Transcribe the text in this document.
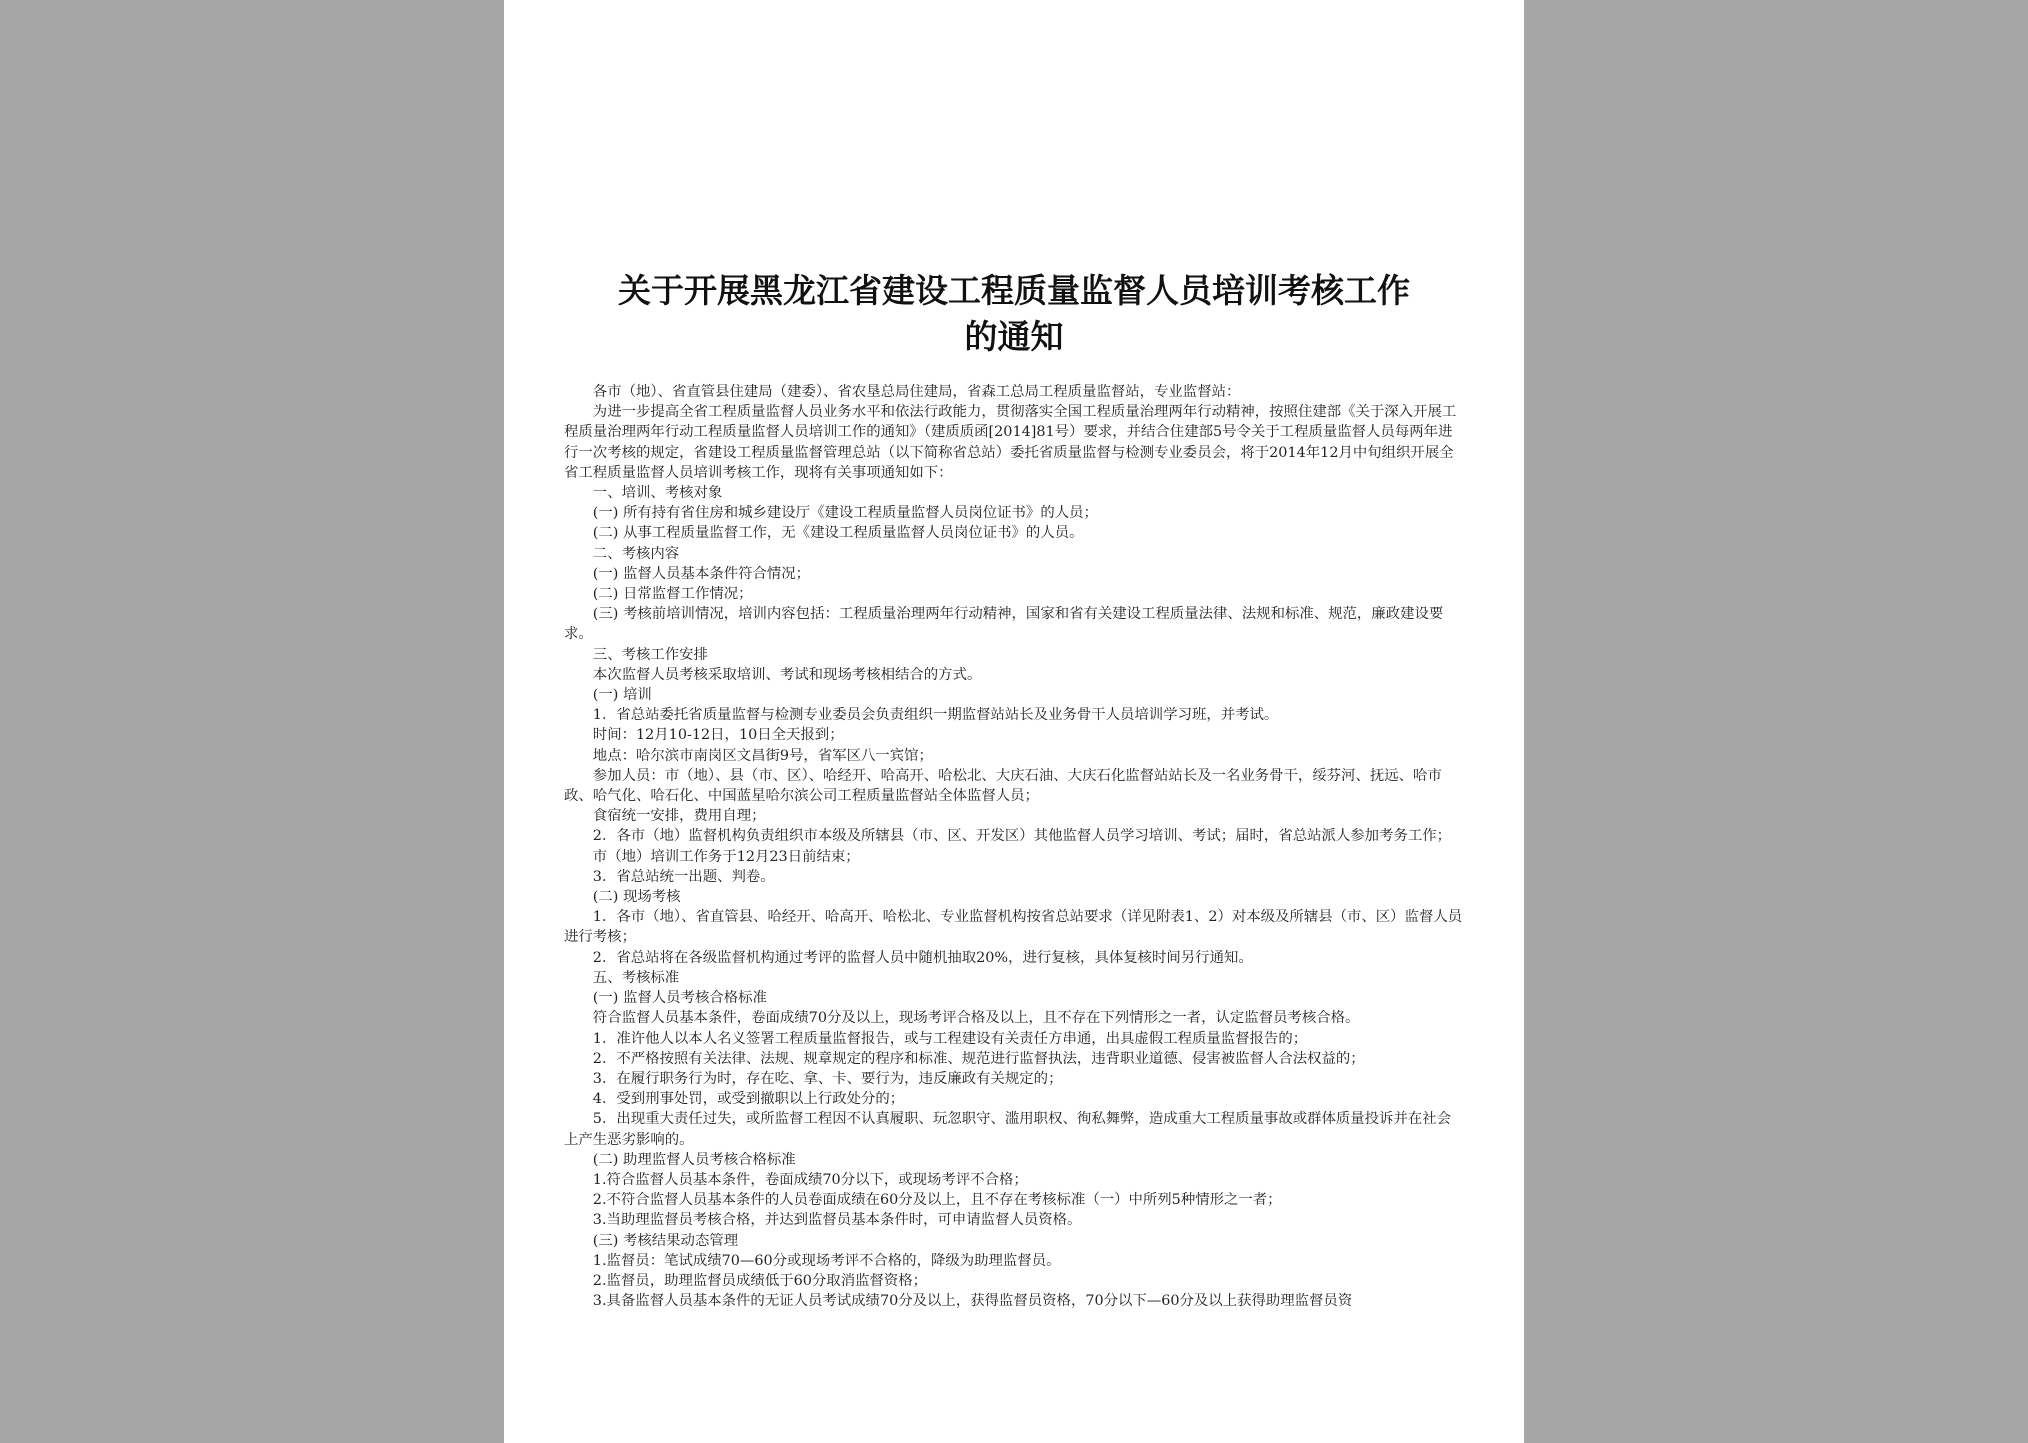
关于开展黑龙江省建设工程质量监督人员培训考核工作
的通知

各市（地）、省直管县住建局（建委）、省农垦总局住建局，省森工总局工程质量监督站，专业监督站：

为进一步提高全省工程质量监督人员业务水平和依法行政能力，贯彻落实全国工程质量治理两年行动精神，按照住建部《关于深入开展工程质量治理两年行动工程质量监督人员培训工作的通知》（建质质函[2014]81号）要求，并结合住建部5号令关于工程质量监督人员每两年进行一次考核的规定，省建设工程质量监督管理总站（以下简称省总站）委托省质量监督与检测专业委员会，将于2014年12月中旬组织开展全省工程质量监督人员培训考核工作，现将有关事项通知如下：

一、培训、考核对象

(一) 所有持有省住房和城乡建设厅《建设工程质量监督人员岗位证书》的人员；

(二) 从事工程质量监督工作，无《建设工程质量监督人员岗位证书》的人员。

二、考核内容

(一) 监督人员基本条件符合情况；

(二) 日常监督工作情况；

(三) 考核前培训情况，培训内容包括：工程质量治理两年行动精神，国家和省有关建设工程质量法律、法规和标准、规范，廉政建设要求。

三、考核工作安排

本次监督人员考核采取培训、考试和现场考核相结合的方式。

(一) 培训

1．省总站委托省质量监督与检测专业委员会负责组织一期监督站站长及业务骨干人员培训学习班，并考试。

时间：12月10-12日，10日全天报到；

地点：哈尔滨市南岗区文昌街9号，省军区八一宾馆；

参加人员：市（地）、县（市、区）、哈经开、哈高开、哈松北、大庆石油、大庆石化监督站站长及一名业务骨干，绥芬河、抚远、哈市政、哈气化、哈石化、中国蓝星哈尔滨公司工程质量监督站全体监督人员；

食宿统一安排，费用自理；

2．各市（地）监督机构负责组织市本级及所辖县（市、区、开发区）其他监督人员学习培训、考试；届时，省总站派人参加考务工作；

市（地）培训工作务于12月23日前结束；

3．省总站统一出题、判卷。

(二) 现场考核

1．各市（地）、省直管县、哈经开、哈高开、哈松北、专业监督机构按省总站要求（详见附表1、2）对本级及所辖县（市、区）监督人员进行考核；

2．省总站将在各级监督机构通过考评的监督人员中随机抽取20%，进行复核，具体复核时间另行通知。

五、考核标准

(一) 监督人员考核合格标准

符合监督人员基本条件，卷面成绩70分及以上，现场考评合格及以上，且不存在下列情形之一者，认定监督员考核合格。

1．准许他人以本人名义签署工程质量监督报告，或与工程建设有关责任方串通，出具虚假工程质量监督报告的；

2．不严格按照有关法律、法规、规章规定的程序和标准、规范进行监督执法，违背职业道德、侵害被监督人合法权益的；

3．在履行职务行为时，存在吃、拿、卡、要行为，违反廉政有关规定的；

4．受到刑事处罚，或受到撤职以上行政处分的；

5．出现重大责任过失，或所监督工程因不认真履职、玩忽职守、滥用职权、徇私舞弊，造成重大工程质量事故或群体质量投诉并在社会上产生恶劣影响的。

(二) 助理监督人员考核合格标准

1.符合监督人员基本条件，卷面成绩70分以下，或现场考评不合格；

2.不符合监督人员基本条件的人员卷面成绩在60分及以上，且不存在考核标准（一）中所列5种情形之一者；

3.当助理监督员考核合格，并达到监督员基本条件时，可申请监督人员资格。

(三) 考核结果动态管理

1.监督员：笔试成绩70—60分或现场考评不合格的，降级为助理监督员。

2.监督员，助理监督员成绩低于60分取消监督资格；

3.具备监督人员基本条件的无证人员考试成绩70分及以上，获得监督员资格，70分以下—60分及以上获得助理监督员资
